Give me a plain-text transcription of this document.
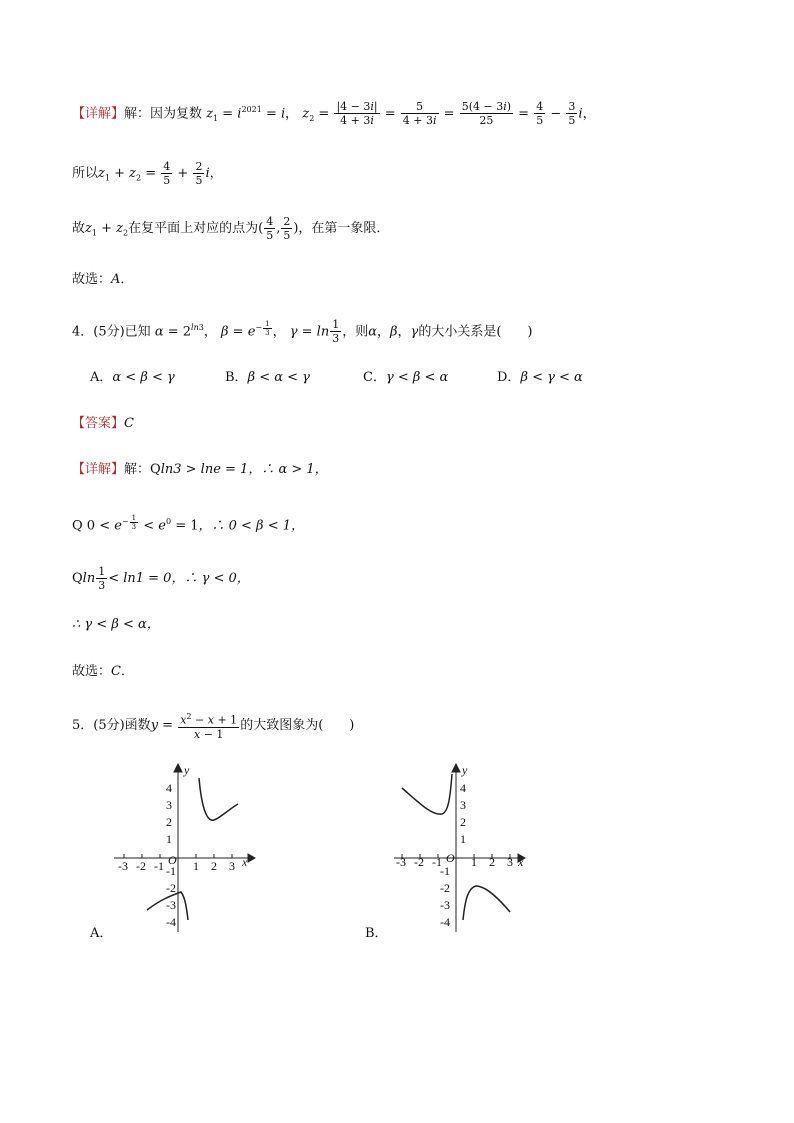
【详解】解：因为复数 $z_1 = i^{2021} = i$， $z_2 = \frac{|4 - 3i|}{4 + 3i} = \frac{5}{4 + 3i} = \frac{5(4 - 3i)}{25} = \frac{4}{5} - \frac{3}{5}$ i，
所以$z_1 + z_2 = \frac{4}{5} + \frac{2}{5}$ i，
故$z_1 + z_2$在复平面上对应的点为( $\frac{4}{5}$ , $\frac{2}{5}$ )，在第一象限．
故选：A．
4．(5分)已知 $\alpha = 2^{ln3}$， $\beta = e^{- \frac{1}{3}}$ ， $\gamma = \ln \frac{1}{3}$ ，则α，β，γ的大小关系是(　　)
A．α < β < γ	B．β < α < γ	C．γ < β < α	D．β < γ < α
【答案】C
【详解】解：Qln3 > lne = 1，∴ α > 1，
Q $0 < e^{- \frac{1}{3}} < e^0 = 1$，∴ 0 < β < 1，
Qln $\frac{1}{3} < \ln 1 = 0$，∴ γ < 0，
∴ γ < β < α，
故选：C．
5．(5分)函数$y = \frac{x^2 - x + 1}{x - 1}$ 的大致图象为(　　)
4
3
2
1
-1
-2
-3
-4
-3 -2 -1 1 2 3
O	x
y
A．
4
3
2
1
-1
-2
-3
-4
-3 -2 -1 1 2 3
O	x
y
B．
